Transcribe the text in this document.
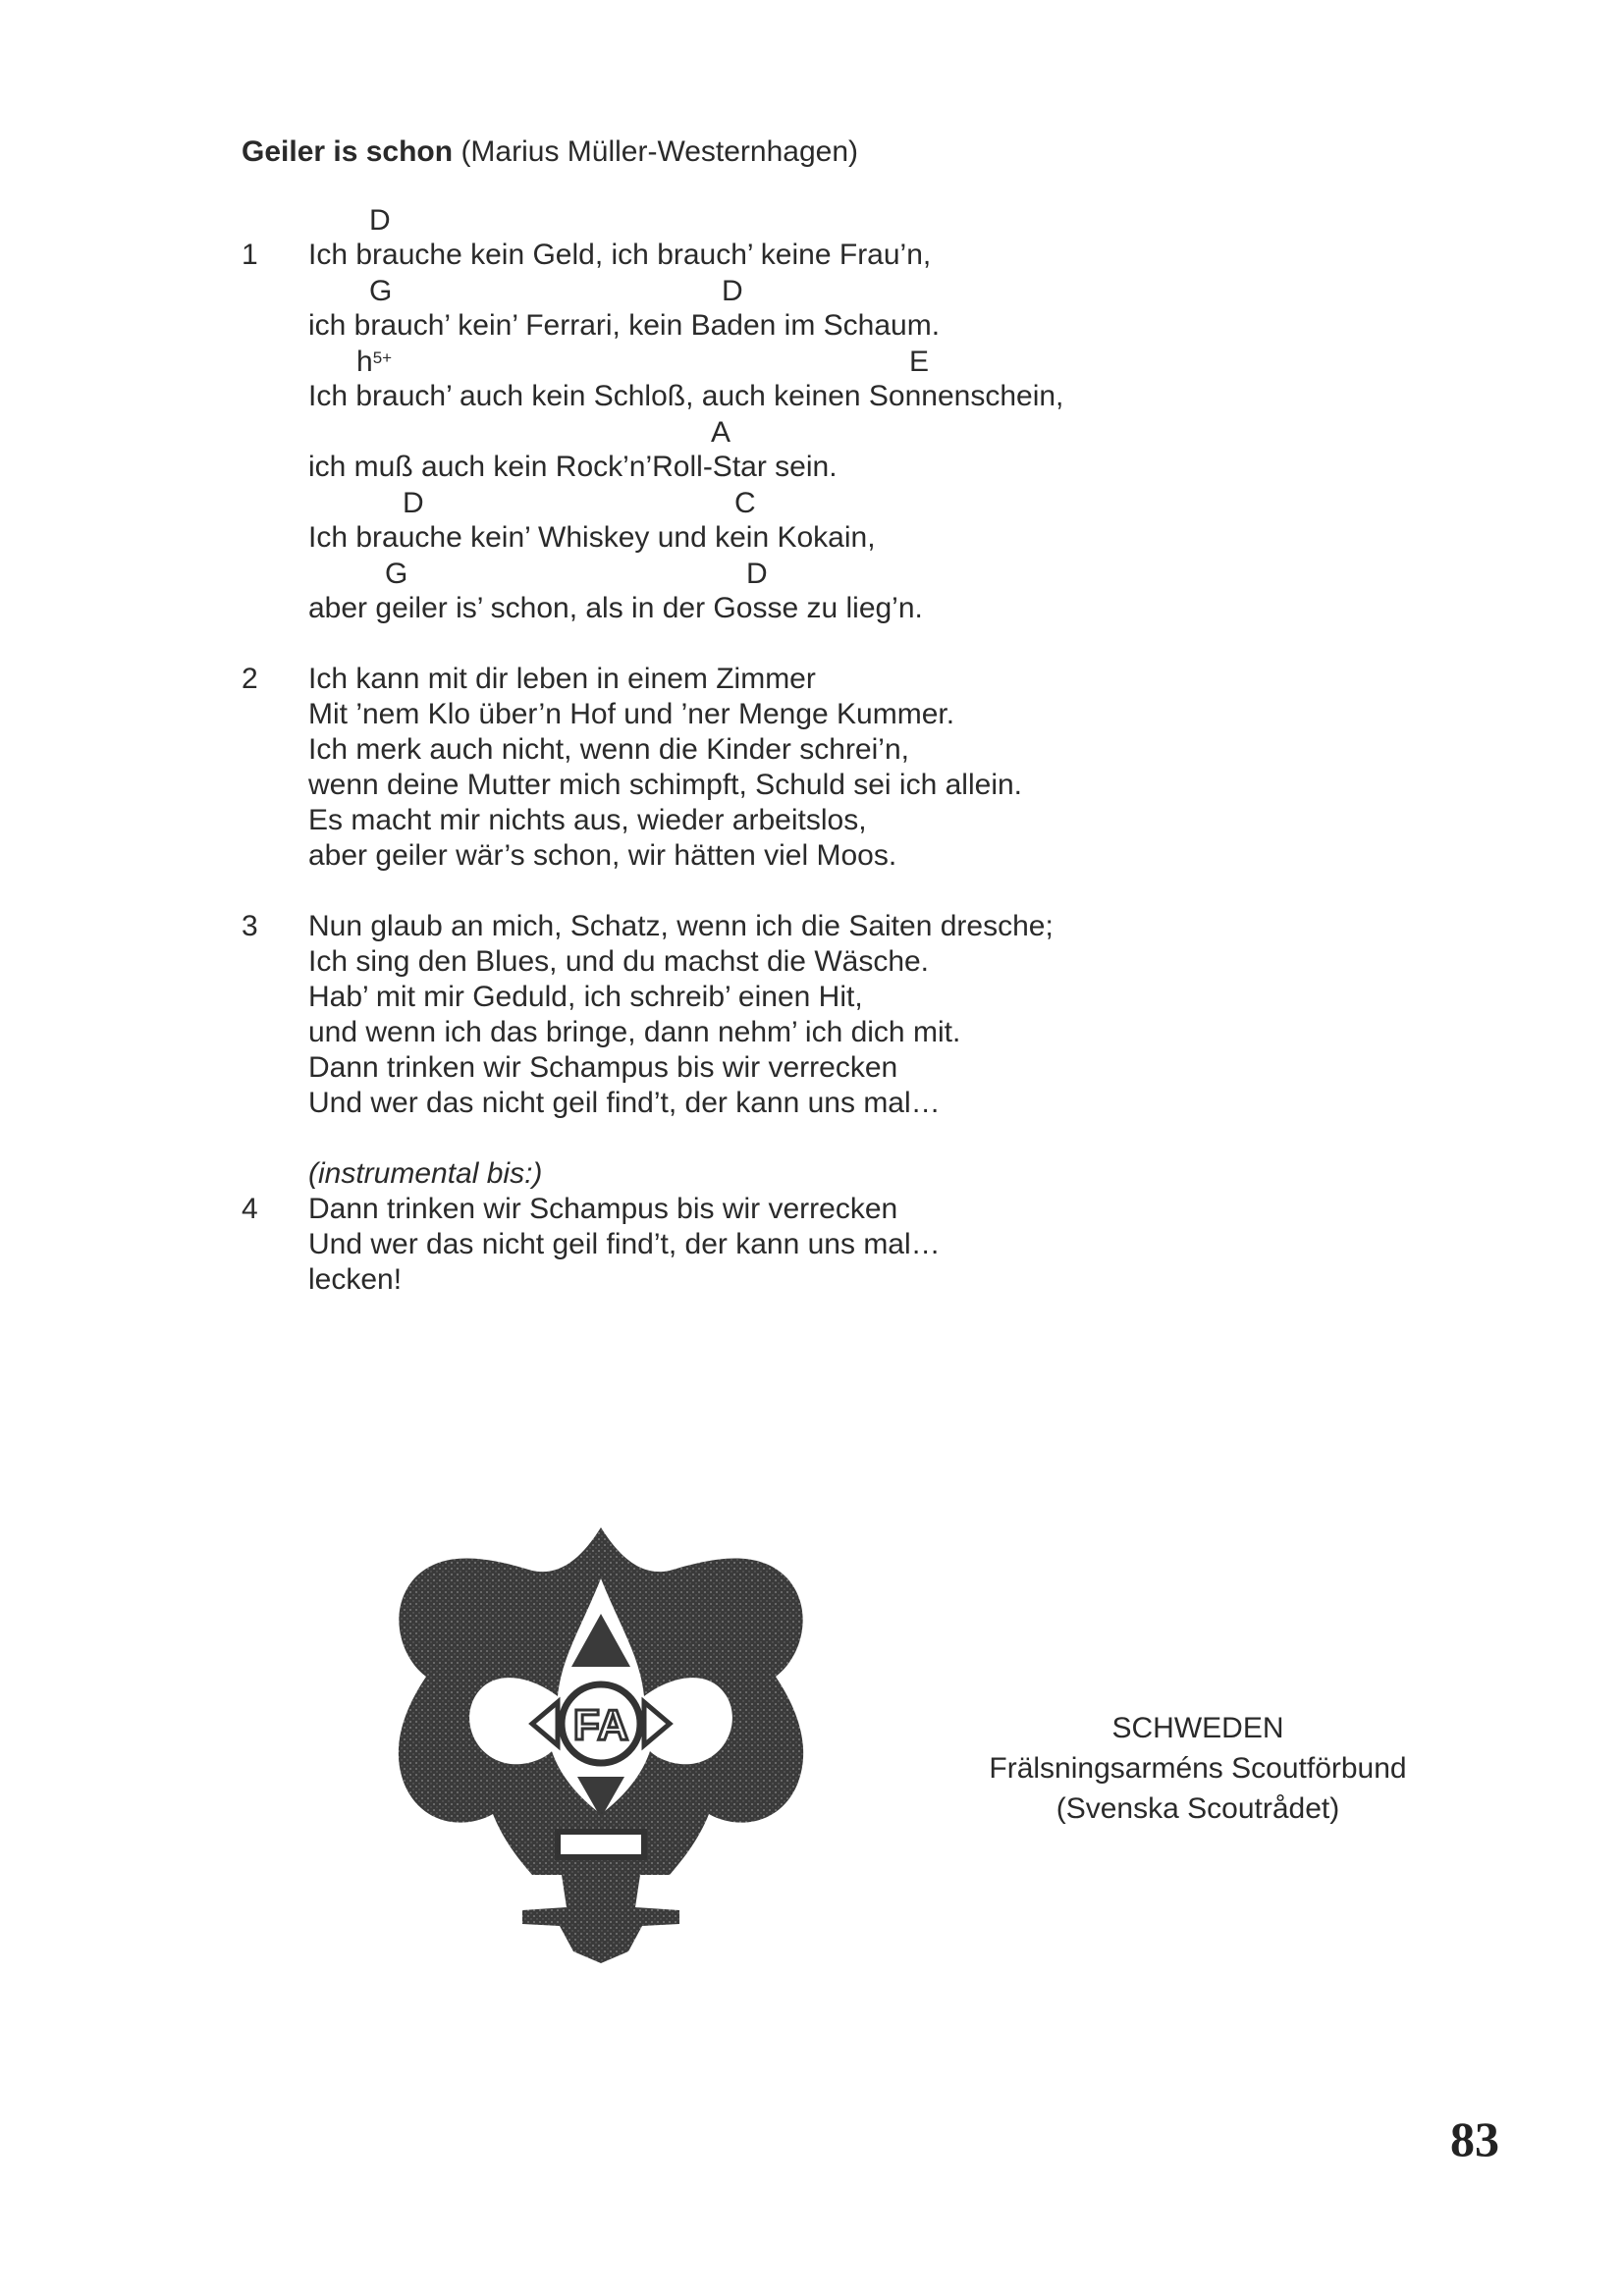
Geiler is schon (Marius Müller-Westernhagen)
D
1 Ich brauche kein Geld, ich brauch’ keine Frau’n,
G	D
ich brauch’ kein’ Ferrari, kein Baden im Schaum.
$h^{5+}$	E
Ich brauch’ auch kein Schloß, auch keinen Sonnenschein,
A
ich muß auch kein Rock’n’Roll-Star sein.
D	C
Ich brauche kein’ Whiskey und kein Kokain,
G	D
aber geiler is’ schon, als in der Gosse zu lieg’n.
2 Ich kann mit dir leben in einem Zimmer
Mit ’nem Klo über’n Hof und ’ner Menge Kummer.
Ich merk auch nicht, wenn die Kinder schrei’n,
wenn deine Mutter mich schimpft, Schuld sei ich allein.
Es macht mir nichts aus, wieder arbeitslos,
aber geiler wär’s schon, wir hätten viel Moos.
3 Nun glaub an mich, Schatz, wenn ich die Saiten dresche;
Ich sing den Blues, und du machst die Wäsche.
Hab’ mit mir Geduld, ich schreib’ einen Hit,
und wenn ich das bringe, dann nehm’ ich dich mit.
Dann trinken wir Schampus bis wir verrecken
Und wer das nicht geil find’t, der kann uns mal…
(instrumental bis:)
4 Dann trinken wir Schampus bis wir verrecken
Und wer das nicht geil find’t, der kann uns mal…
lecken!
FA	SCHWEDEN
Frälsningsarméns Scoutförbund
(Svenska Scoutrådet)
83
